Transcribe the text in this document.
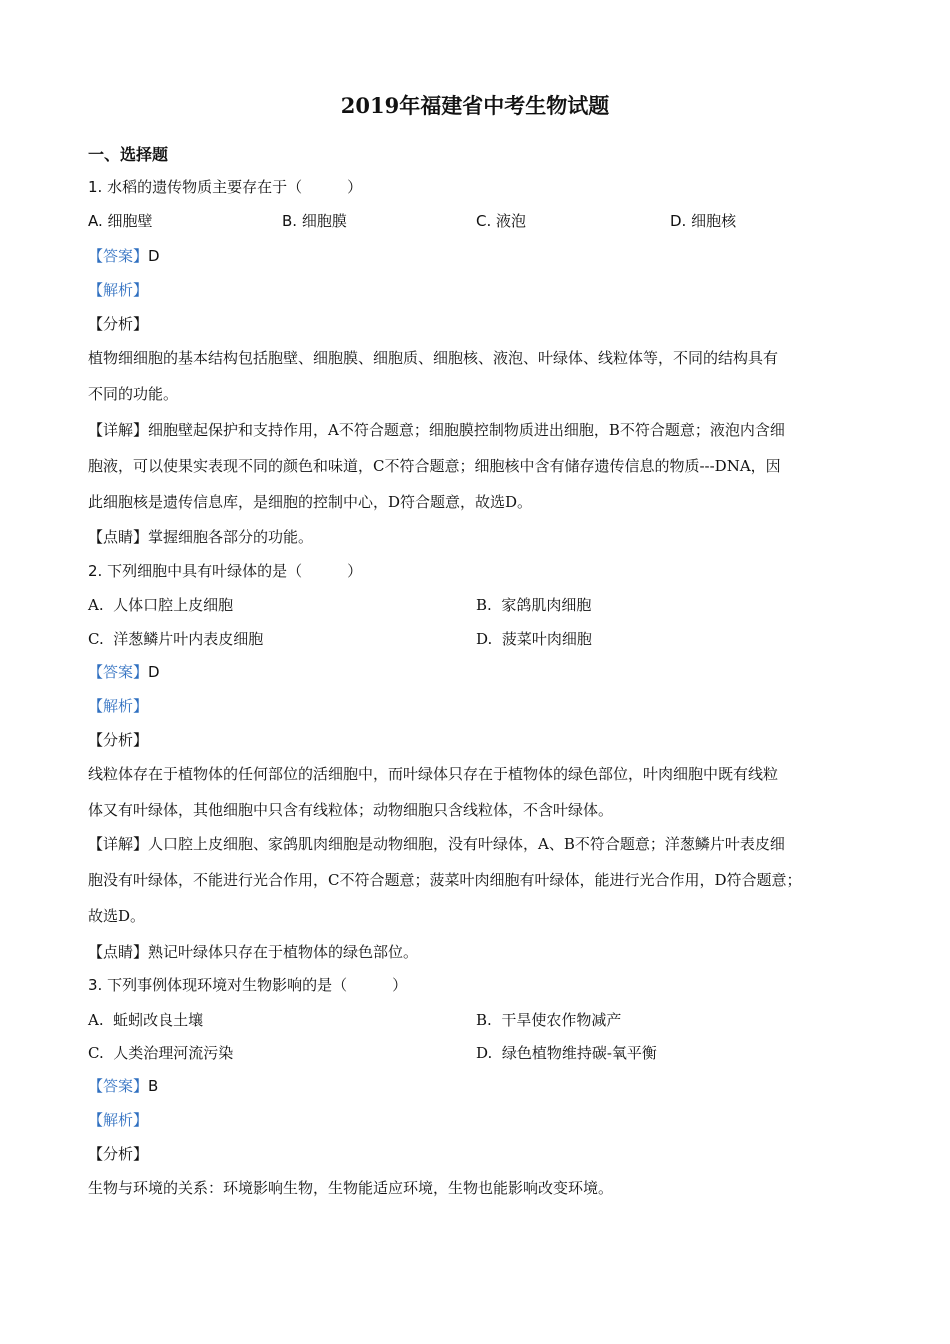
2019年福建省中考生物试题
一、选择题
1. 水稻的遗传物质主要存在于（　　　）
A. 细胞壁	B. 细胞膜	C. 液泡	D. 细胞核
【答案】D
【解析】
【分析】
植物细细胞的基本结构包括胞壁、细胞膜、细胞质、细胞核、液泡、叶绿体、线粒体等，不同的结构具有
不同的功能。
【详解】细胞壁起保护和支持作用，A不符合题意；细胞膜控制物质进出细胞，B不符合题意；液泡内含细
胞液，可以使果实表现不同的颜色和味道，C不符合题意；细胞核中含有储存遗传信息的物质---DNA，因
此细胞核是遗传信息库，是细胞的控制中心，D符合题意，故选D。
【点睛】掌握细胞各部分的功能。
2. 下列细胞中具有叶绿体的是（　　　）
A. 人体口腔上皮细胞	B. 家鸽肌肉细胞
C. 洋葱鳞片叶内表皮细胞	D. 菠菜叶肉细胞
【答案】D
【解析】
【分析】
线粒体存在于植物体的任何部位的活细胞中，而叶绿体只存在于植物体的绿色部位，叶肉细胞中既有线粒
体又有叶绿体，其他细胞中只含有线粒体；动物细胞只含线粒体，不含叶绿体。
【详解】人口腔上皮细胞、家鸽肌肉细胞是动物细胞，没有叶绿体，A、B不符合题意；洋葱鳞片叶表皮细
胞没有叶绿体，不能进行光合作用，C不符合题意；菠菜叶肉细胞有叶绿体，能进行光合作用，D符合题意；
故选D。
【点睛】熟记叶绿体只存在于植物体的绿色部位。
3. 下列事例体现环境对生物影响的是（　　　）
A. 蚯蚓改良土壤	B. 干旱使农作物减产
C. 人类治理河流污染	D. 绿色植物维持碳-氧平衡
【答案】B
【解析】
【分析】
生物与环境的关系：环境影响生物，生物能适应环境，生物也能影响改变环境。
